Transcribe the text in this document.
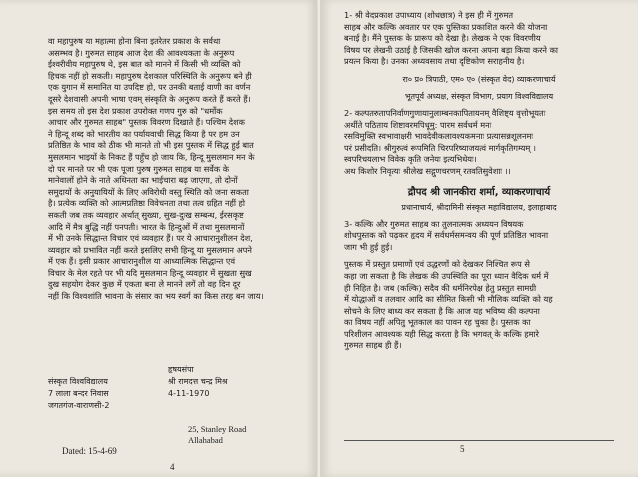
वा महापुरुष या महात्मा होना बिना इतरेतर प्रकाश के सर्वथा
असम्भव है। गुरुमत साहब आज देश की आवश्यकता के अनुरूप
ईश्वरीवीय महापुरुष थे, इस बात को मानने में किसी भी व्यक्ति को
हिचक नहीं हो सकती। महापुरुष देशकाल परिस्थिति के अनुरूप बने ही
एक युगान में समानित या उपदिष्ट हो, पर उनकी बताई वाणी का वर्णन
दूसरे देशवासी अपनी भाषा एवम् संस्कृति के अनुरूप करते हैं करते हैं।
इस समय तो इस देश प्रकाश उपरोक्त गणप गुरु को "धर्मोक
आचार और गुरुमत साहब" पुस्तक विवरण दिखाते हैं। पश्चिम देशक
ने हिन्दू शब्द को भारतीय का पर्यायवाची सिद्ध किया है पर हम उन
प्रतिष्ठित के भाव को ठीक भी मानते तो भी इस पुस्तक में सिद्ध हुई बात
मुसलमान भाइयों के निकट हैं पहुँच हो जाय कि, हिन्दू मुसलमान मन के
दो पर मानते पर भी एक पूजा पुरुष गुरुमत साहब या सर्वेक के
मानेवालों होने के नाते अधिनता का भाईचारा बढ़ जाएगा, तो दोनों
समुदायों के अनुयायियों के लिए अविरोधी वस्तु स्थिति को जना सकता
है। प्रत्येक व्यक्ति को आत्मप्रतिष्ठा विवेचनता तथा तत्व ग्रहित नहीं हो
सकती जब तक व्यवहार अर्थात् सुख्या, सुख-दुःख सम्बन्ध, ईरसकृष्ट
आदि में मैत्र बुद्धि नहीं पनपती। भारत के हिन्दुओं में तथा मुसलमानों
में भी उनके सिद्धान्त विचार एवं व्यवहार हैं। पर ये आचारानुशीलन देश,
व्यवहार को प्रभावित नहीं करते इसलिए सभी हिन्दू या मुसलमान अपने
में एक हैं। इसी प्रकार आचारानुशील या आध्यात्मिक सिद्धान्त एवं
विचार के मेल रहते पर भी यदि मुसलमान हिन्दू व्यवहार में सुखता सुख
दुख सहयोग देकर कुछ में एकता बना ले मानने लगें तो वह दिन दूर
नहीं कि विश्वशांति भावना के संसार का भय स्वर्ग का किस तरह बन जाय।
हृषयसंपा
संस्कृत विश्वविद्यालय	श्री रामदत्त चन्द्र मिश्र
7 लाला बन्दर निवास	4-11-1970
जगतगंज-वाराणसी-2
25, Stanley Road
Allahabad
Dated: 15-4-69
4
1- श्री वेदप्रकाश उपाध्याय (शोधछात्र) ने इस ही में गुरुमत
साहब और कल्कि अवतार पर एक पुस्तिका प्रकाशित करने की योजना
बनाई है। मैंने पुस्तक के प्रारूप को देखा है। लेखक ने एक विवरणीय
विषय पर लेखनी उठाई है जिसकी खोज करना अपना बड़ा किया करने का
प्रयत्न किया है। उनका अध्यवसाय तथा दृष्टिकोण सराहनीय है।
रा० प्र० त्रिपाठी, एम० ए० (संस्कृत वेद) व्याकरणाचार्य
भूतपूर्व अध्यक्ष, संस्कृत विभाग, प्रयाग विश्वविद्यालय
2- कल्पतरुतापनिर्वाणगुणायानुलाम्बनकापितायनम् वैशिष्ट्य वृत्तोभूयतः
अर्थीते पठिताय शिष्टावरमपिधूमु: पारम सर्वधर्म मनः
रसविमुक्ति स्वभावाक्षरी भावदेवीकलावश्यकमनाः प्रत्यासन्नशूलनमः
परं प्रसीदति। श्रीगुरुत्वं रूपमिति चिरपरिष्याजयत्वं मार्गकृतिगम्यम् ।
स्वपरिचयलाभ विवेक कृति जनेयः इत्यभिधेयः।
अथ किशोर निवृत्यः श्रीलेख सद्गुणचरणम् रतवतिसुवेशाः ।।
द्रौपद श्री जानकीरा शर्मा, व्याकरणाचार्य
प्रधानाचार्य, श्रीदामिनी संस्कृत महाविद्यालय, इलाहाबाद
3- कल्कि और गुरुमत साहब का तुलनात्मक अध्ययन विषयक
शोधपुस्तक को पढ़कर हृदय में सर्वधर्मसमन्वय की पूर्ण प्रतिष्ठित भावना
जाग भी हुई हुई।
पुस्तक में प्रस्तुत प्रमाणों एवं उद्धरणों को देखकर निश्चित रूप से
कहा जा सकता है कि लेखक की उपस्थिति का पूरा ध्यान वैदिक धर्म में
ही निहित है। जब (कल्कि) सदैव की धर्मनिरपेक्ष हेतु प्रस्तुत सामग्री
में योद्धाओं व तलवार आदि का सीमित किसी भी मौलिक व्यक्ति को यह
सोचने के लिए बाध्य कर सकता है कि आज यह भविष्य की कल्पना
का विषय नहीं अपितु भूतकाल का पावन रह चुका है। पुस्तक का
परिशीलन आवश्यक यही सिद्ध करता है कि भगवत् के कल्कि हमारे
गुरुमत साहब ही हैं।
5
